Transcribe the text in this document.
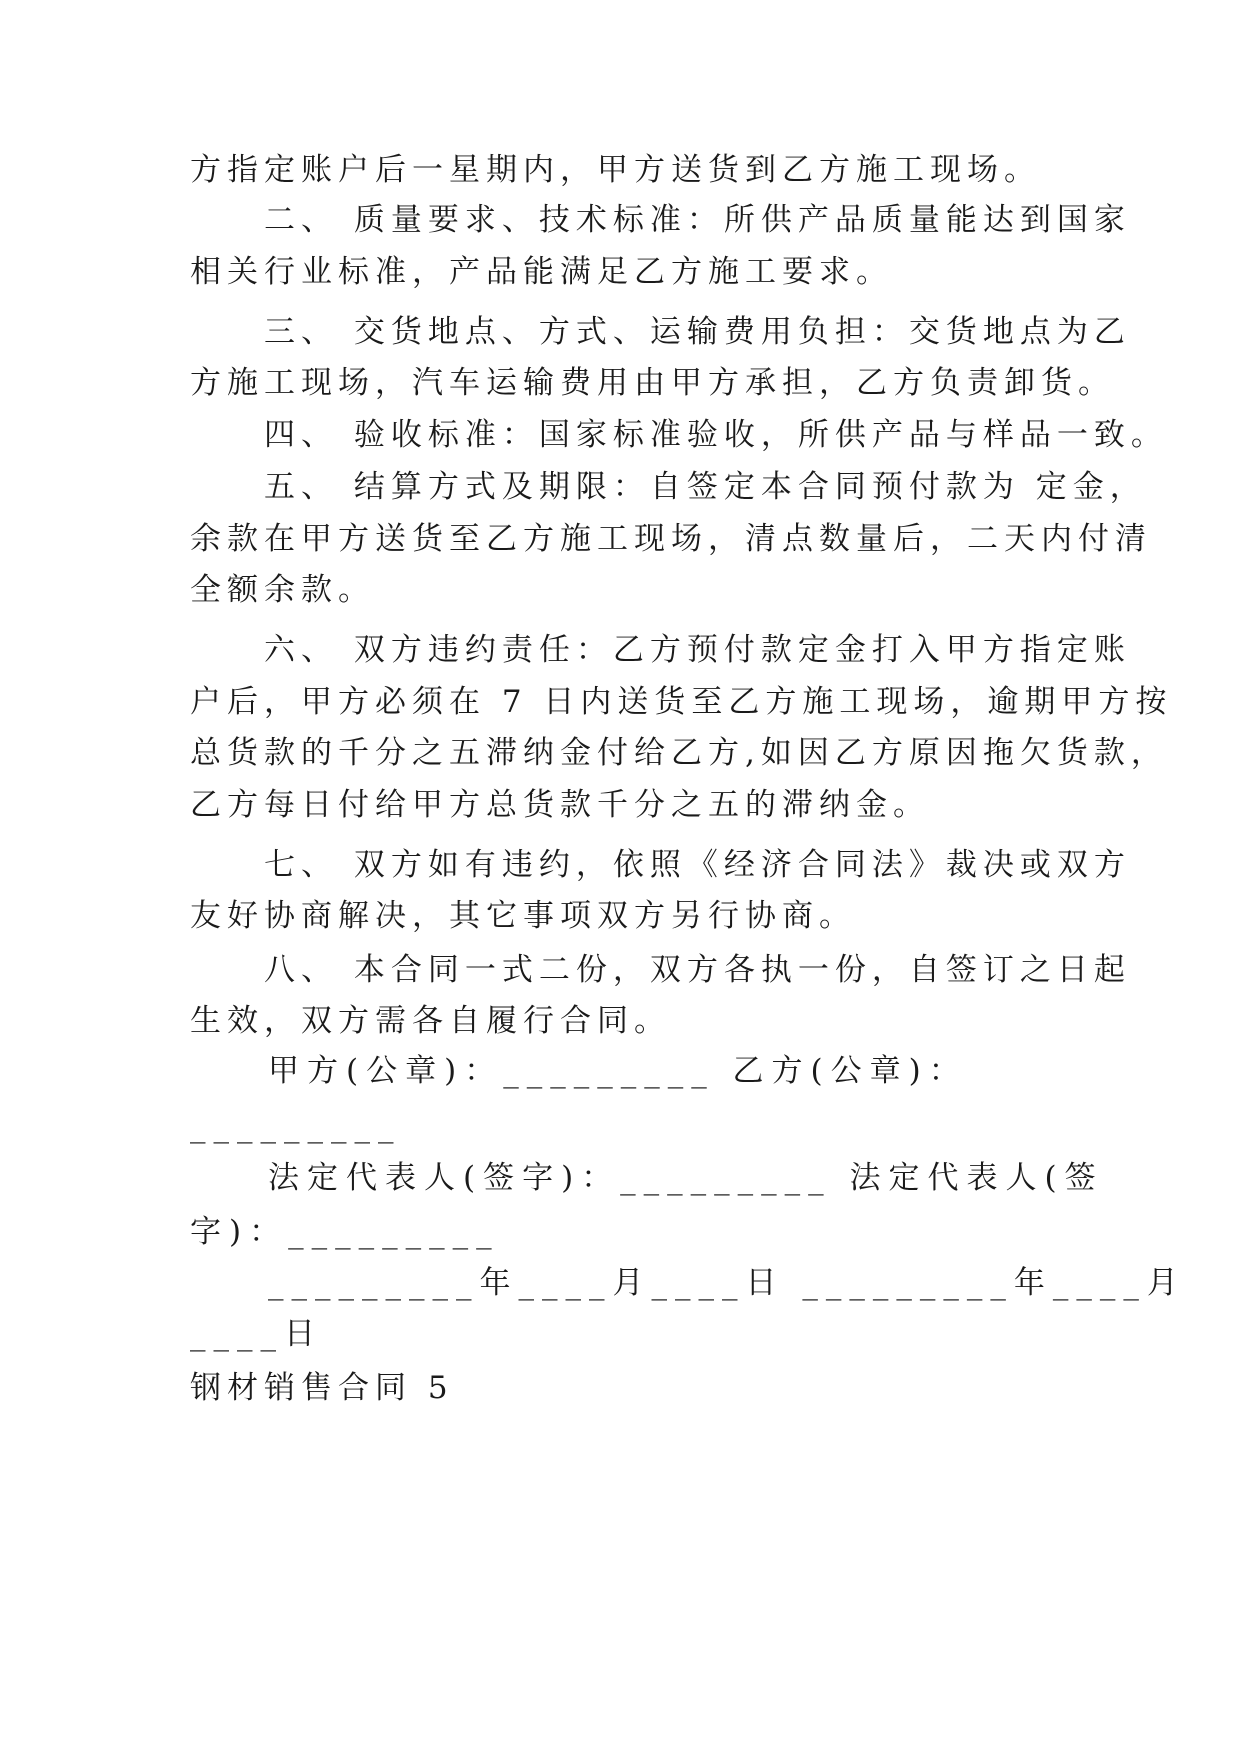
方指定账户后一星期内，甲方送货到乙方施工现场。
　　二、 质量要求、技术标准：所供产品质量能达到国家
相关行业标准，产品能满足乙方施工要求。
　　三、 交货地点、方式、运输费用负担：交货地点为乙
方施工现场，汽车运输费用由甲方承担，乙方负责卸货。
　　四、 验收标准：国家标准验收，所供产品与样品一致。
　　五、 结算方式及期限：自签定本合同预付款为 定金，
余款在甲方送货至乙方施工现场，清点数量后，二天内付清
全额余款。
　　六、 双方违约责任：乙方预付款定金打入甲方指定账
户后，甲方必须在 7 日内送货至乙方施工现场，逾期甲方按
总货款的千分之五滞纳金付给乙方,如因乙方原因拖欠货款，
乙方每日付给甲方总货款千分之五的滞纳金。
　　七、 双方如有违约，依照《经济合同法》裁决或双方
友好协商解决，其它事项双方另行协商。
　　八、 本合同一式二份，双方各执一份，自签订之日起
生效，双方需各自履行合同。
　　甲方(公章)：_________ 乙方(公章)：
_________
　　法定代表人(签字)：_________ 法定代表人(签
字)：_________
　　_________年____月____日 _________年____月
____日
钢材销售合同 5
